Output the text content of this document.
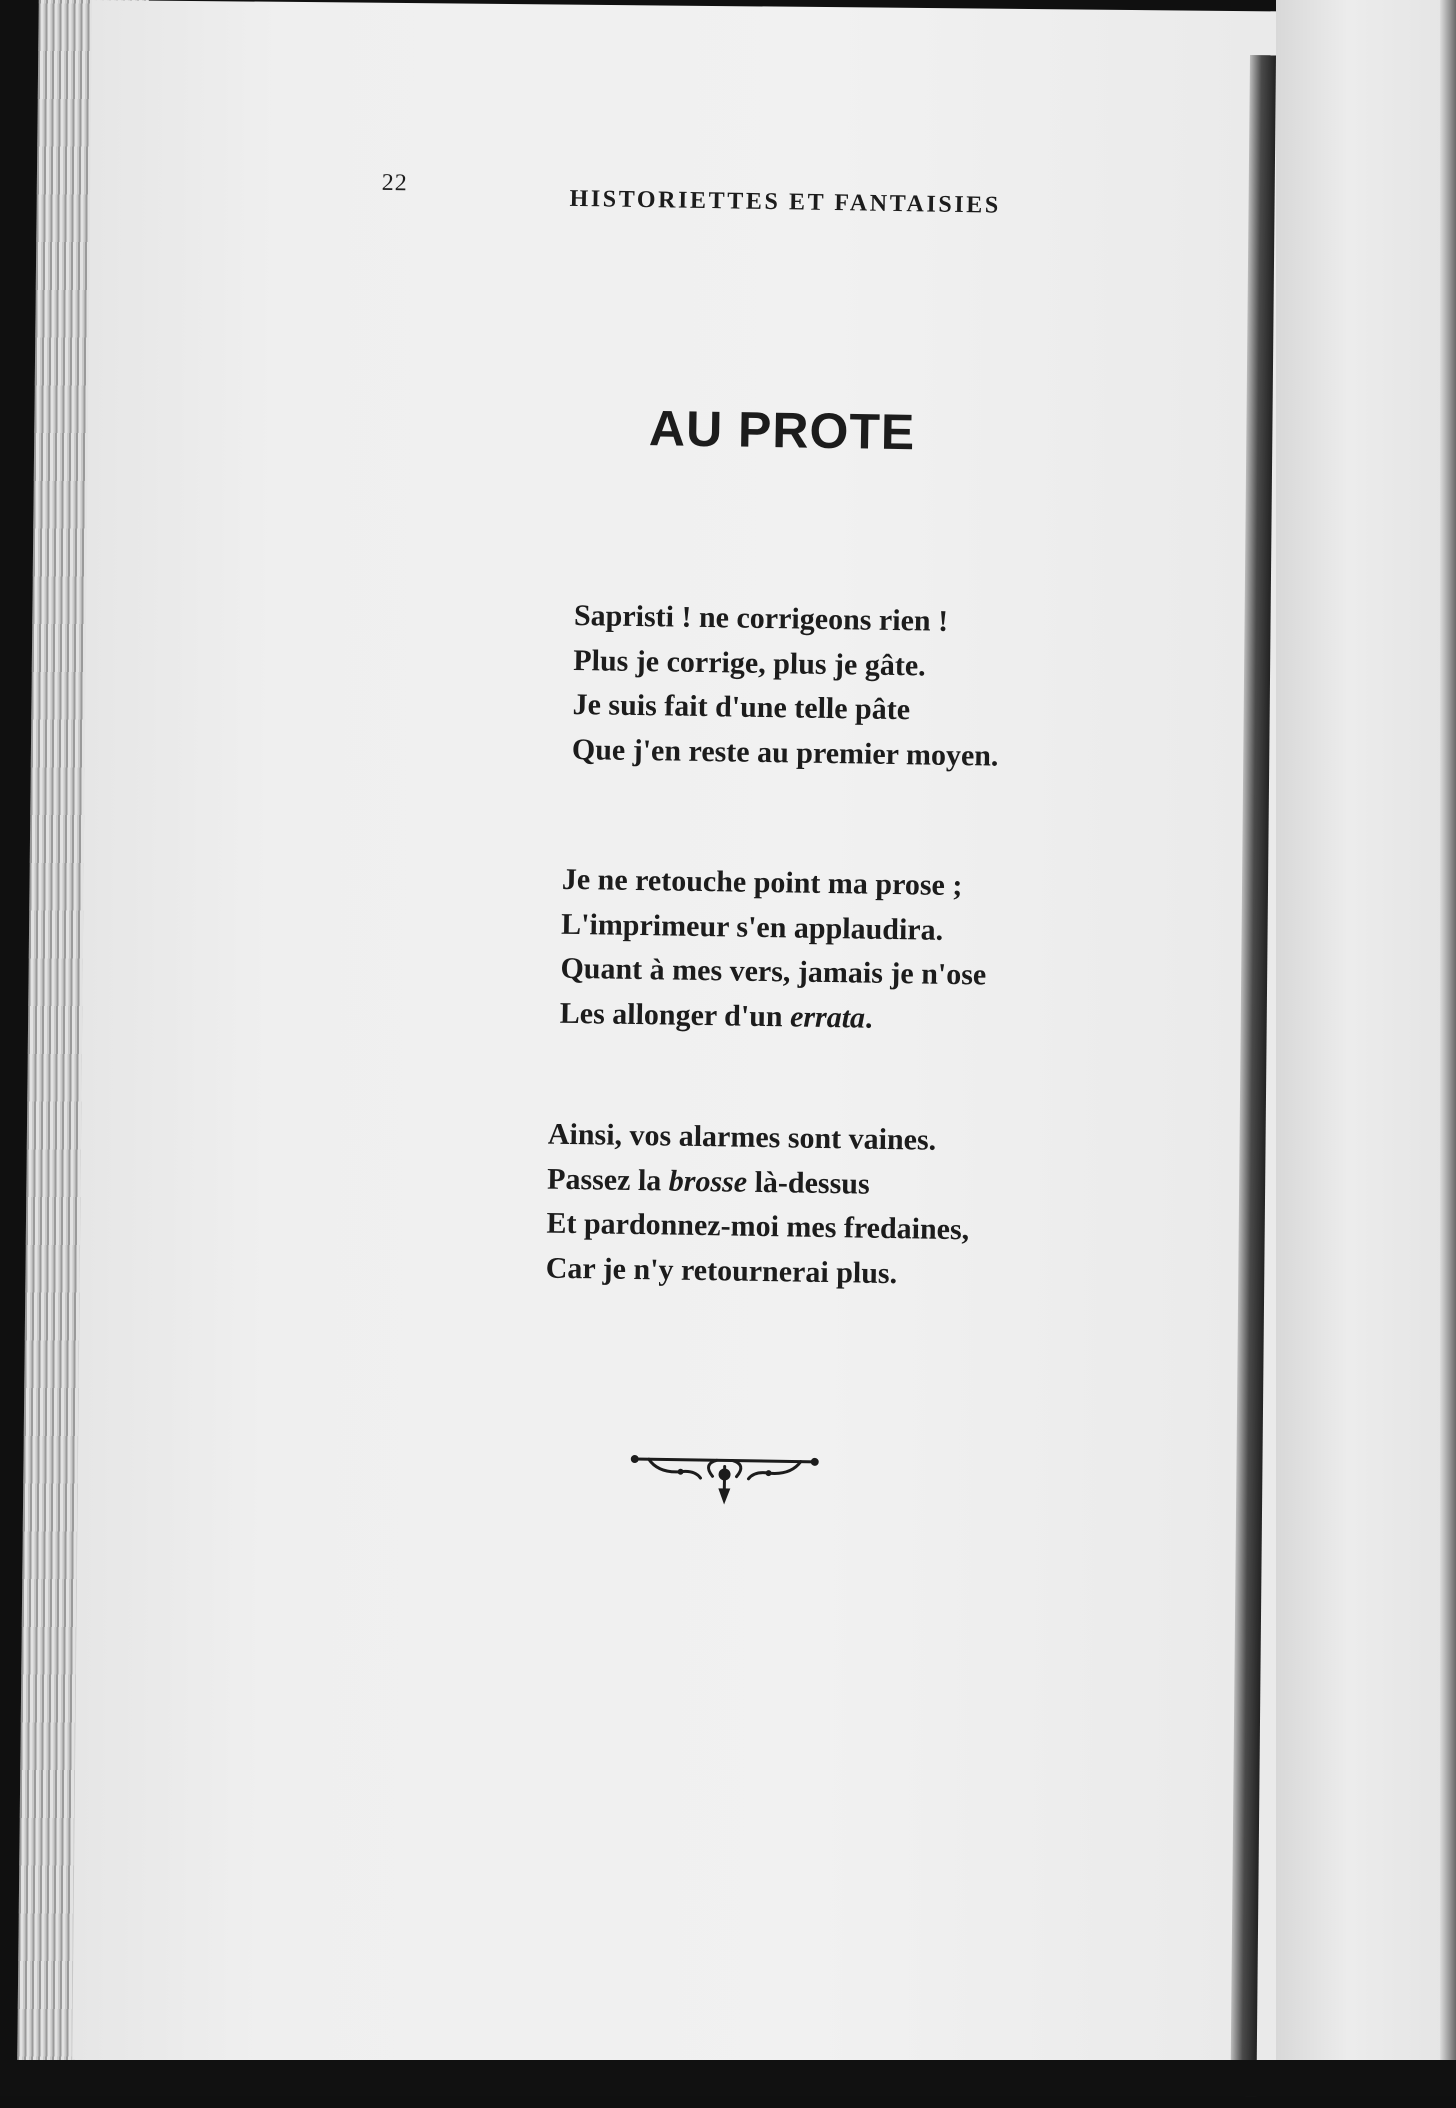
22

HISTORIETTES ET FANTAISIES

AU PROTE
Sapristi ! ne corrigeons rien !
Plus je corrige, plus je gâte.
Je suis fait d'une telle pâte
Que j'en reste au premier moyen.
Je ne retouche point ma prose ;
L'imprimeur s'en applaudira.
Quant à mes vers, jamais je n'ose
Les allonger d'un errata.
Ainsi, vos alarmes sont vaines.
Passez la brosse là-dessus
Et pardonnez-moi mes fredaines,
Car je n'y retournerai plus.
